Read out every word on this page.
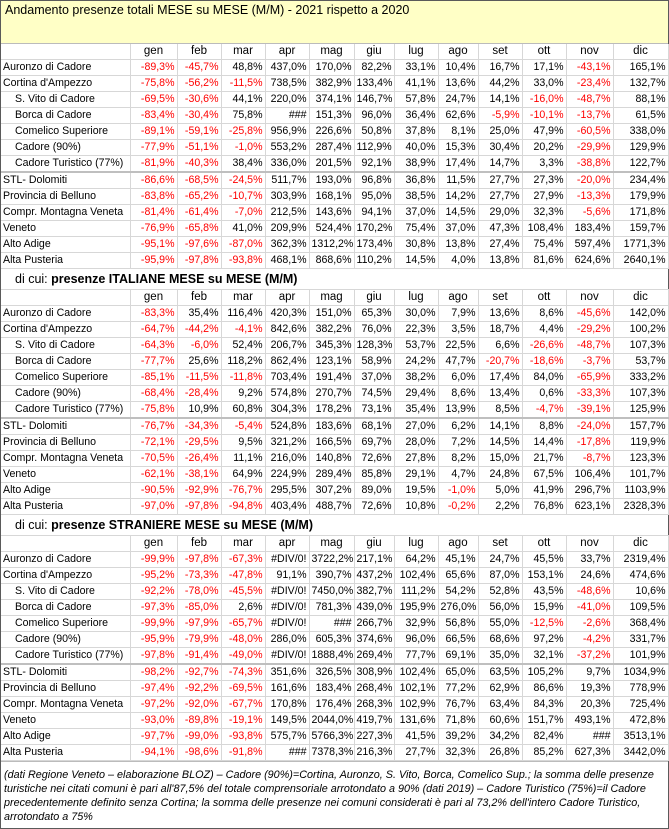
Andamento presenze totali MESE su MESE (M/M) - 2021 rispetto a 2020
	gen	feb	mar	apr	mag	giu	lug	ago	set	ott	nov	dic
Auronzo di Cadore	-89,3%	-45,7%	48,8%	437,0%	170,0%	82,2%	33,1%	10,4%	16,7%	17,1%	-43,1%	165,1%
Cortina d'Ampezzo	-75,8%	-56,2%	-11,5%	738,5%	382,9%	133,4%	41,1%	13,6%	44,2%	33,0%	-23,4%	132,7%
S. Vito di Cadore	-69,5%	-30,6%	44,1%	220,0%	374,1%	146,7%	57,8%	24,7%	14,1%	-16,0%	-48,7%	88,1%
Borca di Cadore	-83,4%	-30,4%	75,8%	###	151,3%	96,0%	36,4%	62,6%	-5,9%	-10,1%	-13,7%	61,5%
Comelico Superiore	-89,1%	-59,1%	-25,8%	956,9%	226,6%	50,8%	37,8%	8,1%	25,0%	47,9%	-60,5%	338,0%
Cadore (90%)	-77,9%	-51,1%	-1,0%	553,2%	287,4%	112,9%	40,0%	15,3%	30,4%	20,2%	-29,9%	129,9%
Cadore Turistico (77%)	-81,9%	-40,3%	38,4%	336,0%	201,5%	92,1%	38,9%	17,4%	14,7%	3,3%	-38,8%	122,7%
STL- Dolomiti	-86,6%	-68,5%	-24,5%	511,7%	193,0%	96,8%	36,8%	11,5%	27,7%	27,3%	-20,0%	234,4%
Provincia di Belluno	-83,8%	-65,2%	-10,7%	303,9%	168,1%	95,0%	38,5%	14,2%	27,7%	27,9%	-13,3%	179,9%
Compr. Montagna Veneta	-81,4%	-61,4%	-7,0%	212,5%	143,6%	94,1%	37,0%	14,5%	29,0%	32,3%	-5,6%	171,8%
Veneto	-76,9%	-65,8%	41,0%	209,9%	524,4%	170,2%	75,4%	37,0%	47,3%	108,4%	183,4%	159,7%
Alto Adige	-95,1%	-97,6%	-87,0%	362,3%	1312,2%	173,4%	30,8%	13,8%	27,4%	75,4%	597,4%	1771,3%
Alta Pusteria	-95,9%	-97,8%	-93,8%	468,1%	868,6%	110,2%	14,5%	4,0%	13,8%	81,6%	624,6%	2640,1%
di cui: presenze ITALIANE MESE su MESE (M/M)												
	gen	feb	mar	apr	mag	giu	lug	ago	set	ott	nov	dic
Auronzo di Cadore	-83,3%	35,4%	116,4%	420,3%	151,0%	65,3%	30,0%	7,9%	13,6%	8,6%	-45,6%	142,0%
Cortina d'Ampezzo	-64,7%	-44,2%	-4,1%	842,6%	382,2%	76,0%	22,3%	3,5%	18,7%	4,4%	-29,2%	100,2%
S. Vito di Cadore	-64,3%	-6,0%	52,4%	206,7%	345,3%	128,3%	53,7%	22,5%	6,6%	-26,6%	-48,7%	107,3%
Borca di Cadore	-77,7%	25,6%	118,2%	862,4%	123,1%	58,9%	24,2%	47,7%	-20,7%	-18,6%	-3,7%	53,7%
Comelico Superiore	-85,1%	-11,5%	-11,8%	703,4%	191,4%	37,0%	38,2%	6,0%	17,4%	84,0%	-65,9%	333,2%
Cadore (90%)	-68,4%	-28,4%	9,2%	574,8%	270,7%	74,5%	29,4%	8,6%	13,4%	0,6%	-33,3%	107,3%
Cadore Turistico (77%)	-75,8%	10,9%	60,8%	304,3%	178,2%	73,1%	35,4%	13,9%	8,5%	-4,7%	-39,1%	125,9%
STL- Dolomiti	-76,7%	-34,3%	-5,4%	524,8%	183,6%	68,1%	27,0%	6,2%	14,1%	8,8%	-24,0%	157,7%
Provincia di Belluno	-72,1%	-29,5%	9,5%	321,2%	166,5%	69,7%	28,0%	7,2%	14,5%	14,4%	-17,8%	119,9%
Compr. Montagna Veneta	-70,5%	-26,4%	11,1%	216,0%	140,8%	72,6%	27,8%	8,2%	15,0%	21,7%	-8,7%	123,3%
Veneto	-62,1%	-38,1%	64,9%	224,9%	289,4%	85,8%	29,1%	4,7%	24,8%	67,5%	106,4%	101,7%
Alto Adige	-90,5%	-92,9%	-76,7%	295,5%	307,2%	89,0%	19,5%	-1,0%	5,0%	41,9%	296,7%	1103,9%
Alta Pusteria	-97,0%	-97,8%	-94,8%	403,4%	488,7%	72,6%	10,8%	-0,2%	2,2%	76,8%	623,1%	2328,3%
di cui: presenze STRANIERE MESE su MESE (M/M)												
	gen	feb	mar	apr	mag	giu	lug	ago	set	ott	nov	dic
Auronzo di Cadore	-99,9%	-97,8%	-67,3%	#DIV/0!	3722,2%	217,1%	64,2%	45,1%	24,7%	45,5%	33,7%	2319,4%
Cortina d'Ampezzo	-95,2%	-73,3%	-47,8%	91,1%	390,7%	437,2%	102,4%	65,6%	87,0%	153,1%	24,6%	474,6%
S. Vito di Cadore	-92,2%	-78,0%	-45,5%	#DIV/0!	7450,0%	382,7%	111,2%	54,2%	52,8%	43,5%	-48,6%	10,6%
Borca di Cadore	-97,3%	-85,0%	2,6%	#DIV/0!	781,3%	439,0%	195,9%	276,0%	56,0%	15,9%	-41,0%	109,5%
Comelico Superiore	-99,9%	-97,9%	-65,7%	#DIV/0!	###	266,7%	32,9%	56,8%	55,0%	-12,5%	-2,6%	368,4%
Cadore (90%)	-95,9%	-79,9%	-48,0%	286,0%	605,3%	374,6%	96,0%	66,5%	68,6%	97,2%	-4,2%	331,7%
Cadore Turistico (77%)	-97,8%	-91,4%	-49,0%	#DIV/0!	1888,4%	269,4%	77,7%	69,1%	35,0%	32,1%	-37,2%	101,9%
STL- Dolomiti	-98,2%	-92,7%	-74,3%	351,6%	326,5%	308,9%	102,4%	65,0%	63,5%	105,2%	9,7%	1034,9%
Provincia di Belluno	-97,4%	-92,2%	-69,5%	161,6%	183,4%	268,4%	102,1%	77,2%	62,9%	86,6%	19,3%	778,9%
Compr. Montagna Veneta	-97,2%	-92,0%	-67,7%	170,8%	176,4%	268,3%	102,9%	76,7%	63,4%	84,3%	20,3%	725,4%
Veneto	-93,0%	-89,8%	-19,1%	149,5%	2044,0%	419,7%	131,6%	71,8%	60,6%	151,7%	493,1%	472,8%
Alto Adige	-97,7%	-99,0%	-93,8%	575,7%	5766,3%	227,3%	41,5%	39,2%	34,2%	82,4%	###	3513,1%
Alta Pusteria	-94,1%	-98,6%	-91,8%	###	7378,3%	216,3%	27,7%	32,3%	26,8%	85,2%	627,3%	3442,0%
(dati Regione Veneto – elaborazione BLOZ) – Cadore (90%)=Cortina, Auronzo, S. Vito, Borca, Comelico Sup.; la somma delle presenze turistiche nei citati comuni è pari all'87,5% del totale comprensoriale arrotondato a 90% (dati 2019) – Cadore Turistico (75%)=il Cadore precedentemente definito senza Cortina; la somma delle presenze nei comuni considerati è pari al 73,2% dell'intero Cadore Turistico, arrotondato a 75%
